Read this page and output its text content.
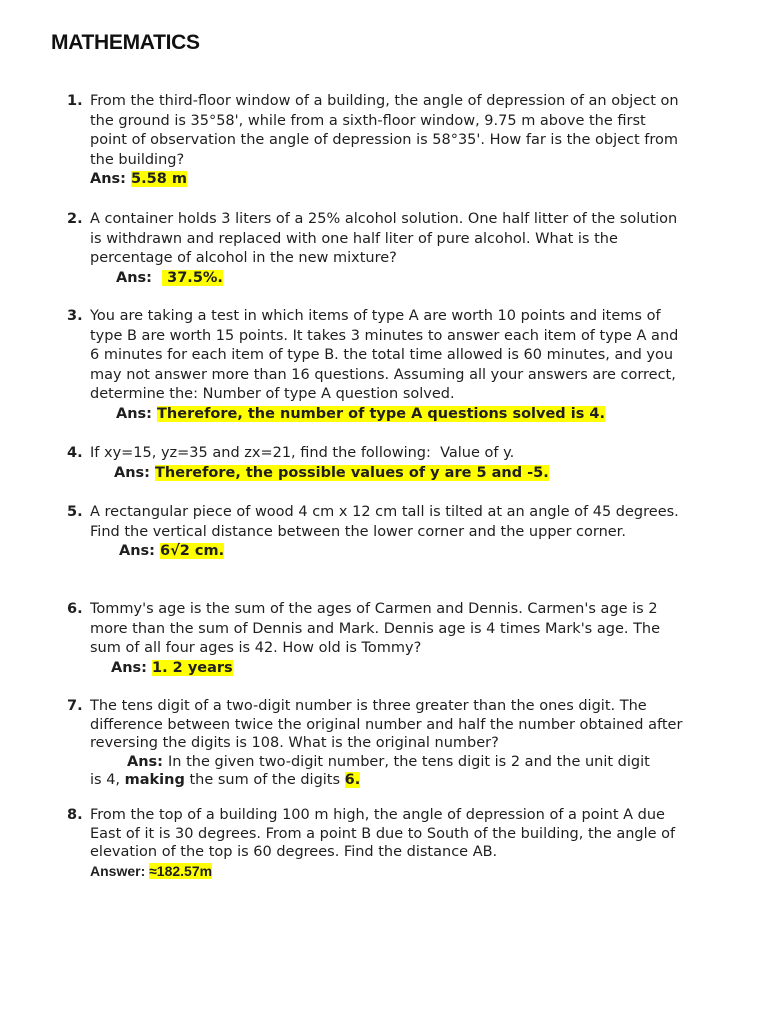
MATHEMATICS
1. From the third-floor window of a building, the angle of depression of an object on the ground is 35°58', while from a sixth-floor window, 9.75 m above the first point of observation the angle of depression is 58°35'. How far is the object from the building?
Ans: 5.58 m
2. A container holds 3 liters of a 25% alcohol solution. One half litter of the solution is withdrawn and replaced with one half liter of pure alcohol. What is the percentage of alcohol in the new mixture?
Ans:   37.5%.
3. You are taking a test in which items of type A are worth 10 points and items of type B are worth 15 points. It takes 3 minutes to answer each item of type A and 6 minutes for each item of type B. the total time allowed is 60 minutes, and you may not answer more than 16 questions. Assuming all your answers are correct, determine the: Number of type A question solved.
Ans: Therefore, the number of type A questions solved is 4.
4. If xy=15, yz=35 and zx=21, find the following:  Value of y.
Ans: Therefore, the possible values of y are 5 and -5.
5. A rectangular piece of wood 4 cm x 12 cm tall is tilted at an angle of 45 degrees. Find the vertical distance between the lower corner and the upper corner.
Ans: 6√2 cm.
6. Tommy's age is the sum of the ages of Carmen and Dennis. Carmen's age is 2 more than the sum of Dennis and Mark. Dennis age is 4 times Mark's age. The sum of all four ages is 42. How old is Tommy?
Ans: 1. 2 years
7. The tens digit of a two-digit number is three greater than the ones digit. The difference between twice the original number and half the number obtained after reversing the digits is 108. What is the original number?
Ans: In the given two-digit number, the tens digit is 2 and the unit digit
is 4, making the sum of the digits 6.
8. From the top of a building 100 m high, the angle of depression of a point A due East of it is 30 degrees. From a point B due to South of the building, the angle of elevation of the top is 60 degrees. Find the distance AB.
Answer: ≈182.57m
